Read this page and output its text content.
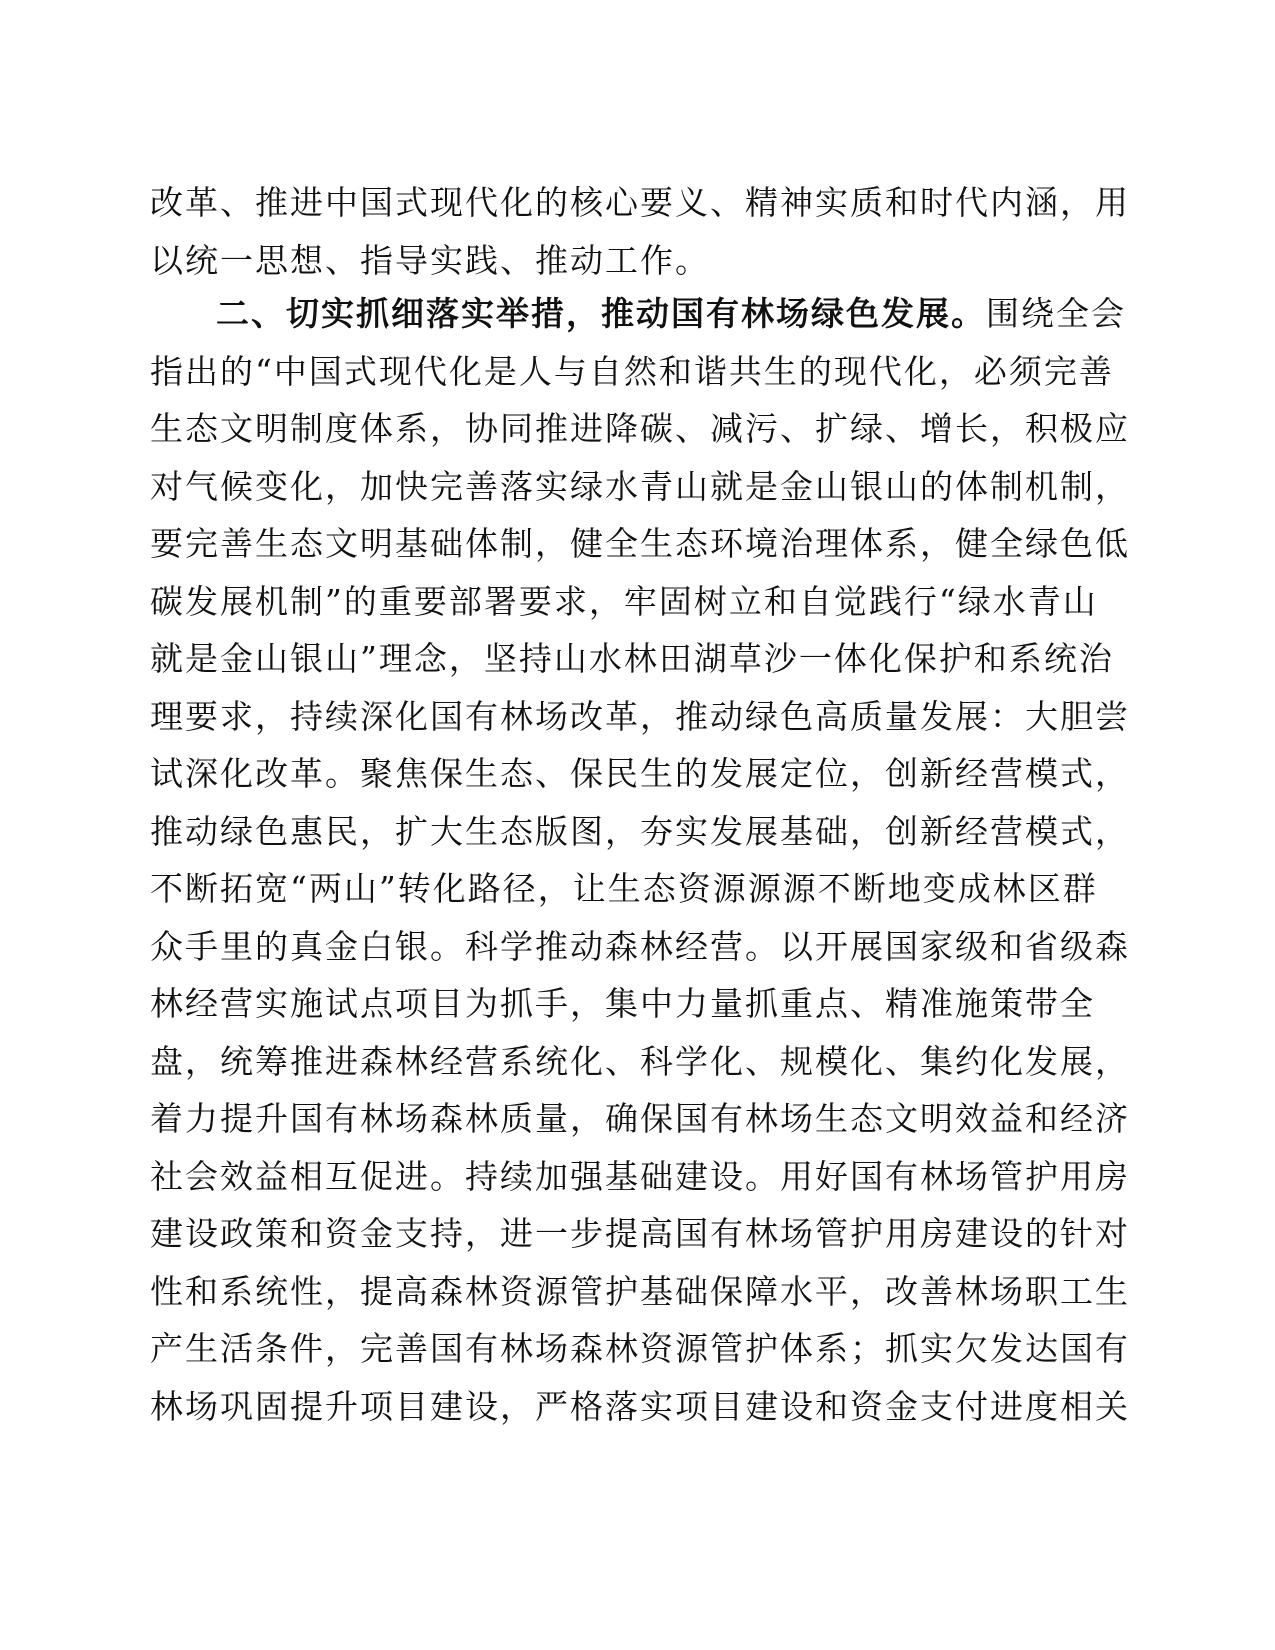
改革、推进中国式现代化的核心要义、精神实质和时代内涵，用
以统一思想、指导实践、推动工作。
二、切实抓细落实举措，推动国有林场绿色发展。围绕全会
指出的“中国式现代化是人与自然和谐共生的现代化，必须完善
生态文明制度体系，协同推进降碳、减污、扩绿、增长，积极应
对气候变化，加快完善落实绿水青山就是金山银山的体制机制，
要完善生态文明基础体制，健全生态环境治理体系，健全绿色低
碳发展机制”的重要部署要求，牢固树立和自觉践行“绿水青山
就是金山银山”理念，坚持山水林田湖草沙一体化保护和系统治
理要求，持续深化国有林场改革，推动绿色高质量发展：大胆尝
试深化改革。聚焦保生态、保民生的发展定位，创新经营模式，
推动绿色惠民，扩大生态版图，夯实发展基础，创新经营模式，
不断拓宽“两山”转化路径，让生态资源源源不断地变成林区群
众手里的真金白银。科学推动森林经营。以开展国家级和省级森
林经营实施试点项目为抓手，集中力量抓重点、精准施策带全
盘，统筹推进森林经营系统化、科学化、规模化、集约化发展，
着力提升国有林场森林质量，确保国有林场生态文明效益和经济
社会效益相互促进。持续加强基础建设。用好国有林场管护用房
建设政策和资金支持，进一步提高国有林场管护用房建设的针对
性和系统性，提高森林资源管护基础保障水平，改善林场职工生
产生活条件，完善国有林场森林资源管护体系；抓实欠发达国有
林场巩固提升项目建设，严格落实项目建设和资金支付进度相关
